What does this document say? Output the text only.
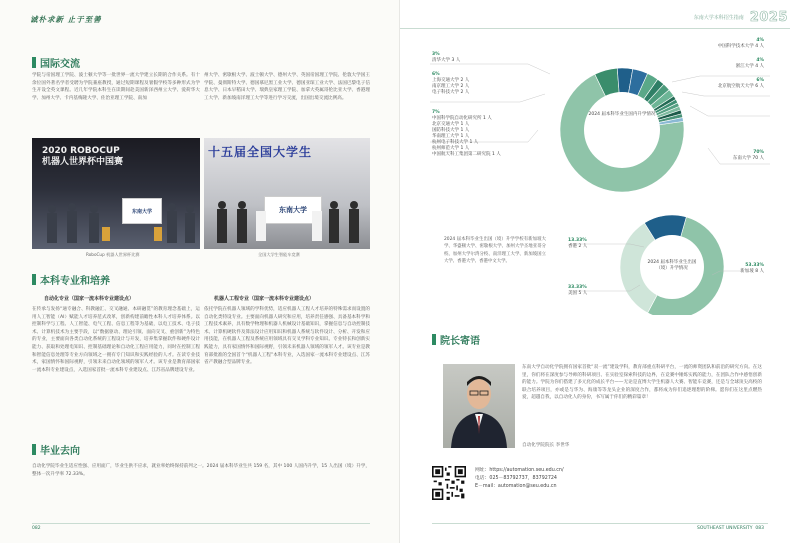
诚朴求新 止于至善
国际交流
学院与帝国理工学院、波士顿大学等一批世界一流大学建立长期的合作关系。有十余位国外著名学者受聘为学院兼座教授，通过短期课程及暑假学校等多种形式为学生开设全英文课程。近几年学院本科生在读期间赴美国新泽西州立大学、爱荷华大学、加州大学、卡内基梅隆大学、佐治亚理工学院、南加
州大学、密歇根大学、波士顿大学、德州大学、英国帝国理工学院、伦敦大学国王学院、曼彻斯特大学、德国慕尼黑工业大学、德国亚琛工业大学、法国巴黎电子信息大学、日本早稻田大学、瑞典皇家理工学院、加拿大英属哥伦比亚大学、香港理工大学、新加坡南洋理工大学等进行学习交流，出国出境交流比例高。
2020 ROBOCUP
机器人世界杯中国赛
东南大学
十五届全国大学生
东南大学
RoboCup 机器人世界杯比赛	全国大学生智能车竞赛
本科专业和培养
自动化专业（国家一流本科专业建设点）
在传承与发扬“通专融合、科教融汇、交叉融通、本研融贯”的教育理念基础上，运用人工智能（AI）赋能人才培养范式改革，创新构建前瞻性本科人才培养体系。以控制科学与工程、人工智能、电气工程、信息工程等为基础，以电工技术、电子技术、计算机技术为主要手段，以“数据驱动、理论引领、面向交叉、重创新”为特色的专业，主要面向各类自动化系统的工程设计与开发，培养集掌握软件和硬件设计能力、获取和处理电知识、控制基础理论和自动化工程应用能力，同时在控制工程和智能信息处理等专业方向领域之一拥有专门知识和实践经验的人才。在读专业技术，家国情怀和国际视野，引领未来自动化领域的领军人才。该专业是教育部国家一流本科专业建设点，入选国家首批一流本科专业建设点、江苏省品牌建设专业。
机器人工程专业（国家一流本科专业建设点）
依托学院在机器人领域的学科优势，适应机器人工程人才培养的特殊需求而设置的自动化类特设专业。主要面向机器人研究和应用，培养责任感强、具备基本科学和工程技术素养，具有数学物理和机器人机械设计基础知识，掌握信息与自动控制技术、计算机硬软件及算法设计应用知识和机器人系统与软件设计、分析、开发和应用技能，在机器人工程及系统应用领域具有交叉学科专业知识、专业特长和创新实践能力，具有家国情怀和国际视野，引领未来机器人领域的领军人才。该专业是教育部批准的全国首个“机器人工程”本科专业，入选国家一流本科专业建设点、江苏省产教融合型品牌专业。
毕业去向
自动化学院毕业生适应性强、应用面广，毕业生供不应求，就业率始终保持前列之一。2024 届本科毕业生共 159 名，其中 100 人国内升学，15 人出国（境）升学，整体一次升学率 72.33%。
082
东南大学本科招生指南 2025
2024 届本科毕业生国内升学情况
3%
清华大学 3 人
6%
上海交通大学 2 人
南京理工大学 2 人
电子科技大学 2 人
7%
中国科学院自动化研究所 1 人
北京交通大学 1 人
国防科技大学 1 人
华南理工大学 1 人
杭州电子科技大学 1 人
杭州师范大学 1 人
中国航天科工集团第二研究院 1 人
4%
中国科学技术大学 4 人
4%
浙江大学 4 人
6%
北京航空航天大学 6 人
70%
东南大学 70 人
2024 届本科毕业生出国（境）升学学校有新加坡大学、华盛顿大学、密歇根大学、加州大学圣地亚哥分校、加州大学尔湾分校、南洋理工大学、新加坡国立大学、香港大学、香港中文大学。	2024 届本科毕业生出国（境）升学情况
13.33%
香港 2 人
33.33%
美国 5 人
53.33%
新加坡 8 人
院长寄语
东南大学自动化学院拥有国家首批“双一流”建设学科，教育部重点科研平台，一流的师资团队和前沿的研究方向。在这里，你们将在深度参与导师的科研项目、在实验室探索科技的边界，在竞赛中锤炼实践的能力，在团队合作中感悟创新的能力。学院为你们搭建了多元化的成长平台——无论是直博大学生机器人大赛、智能车竞赛，还是与全球顶尖高校的联合培养项目，亦或是与华为、海康等等龙头企业的深度合作，都将成为你们追逐理想的阶梯。愿你们在这里点燃热爱，超越自我，以自动化人的身份，书写属于你们的精彩篇章！
自动化学院院长 李世华
网址：https://automation.seu.edu.cn/
电话：025－83792737，83792724
E－mail：automation@seu.edu.cn
SOUTHEAST UNIVERSITY 083
